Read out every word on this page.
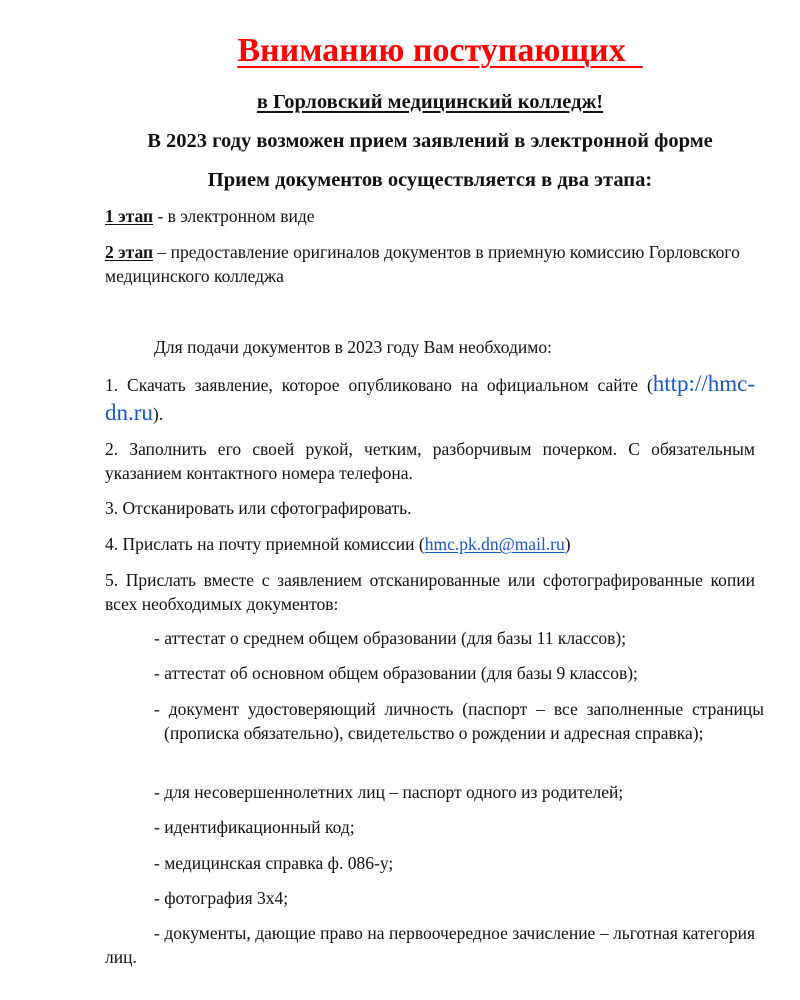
Вниманию поступающих
в Горловский медицинский колледж!
В 2023 году возможен прием заявлений в электронной форме
Прием документов осуществляется в два этапа:
1 этап - в электронном виде
2 этап – предоставление оригиналов документов в приемную комиссию Горловского медицинского колледжа
Для подачи документов в 2023 году Вам необходимо:
1. Скачать заявление, которое опубликовано на официальном сайте (http://hmc-dn.ru).
2. Заполнить его своей рукой, четким, разборчивым почерком. С обязательным указанием контактного номера телефона.
3. Отсканировать или сфотографировать.
4. Прислать на почту приемной комиссии (hmc.pk.dn@mail.ru)
5. Прислать вместе с заявлением отсканированные или сфотографированные копии всех необходимых документов:
- аттестат о среднем общем образовании (для базы 11 классов);
- аттестат об основном общем образовании (для базы 9 классов);
- документ удостоверяющий личность (паспорт – все заполненные страницы (прописка обязательно), свидетельство о рождении и адресная справка);
- для несовершеннолетних лиц – паспорт одного из родителей;
- идентификационный код;
- медицинская справка ф. 086-у;
- фотография 3х4;
- документы, дающие право на первоочередное зачисление – льготная категория лиц.
